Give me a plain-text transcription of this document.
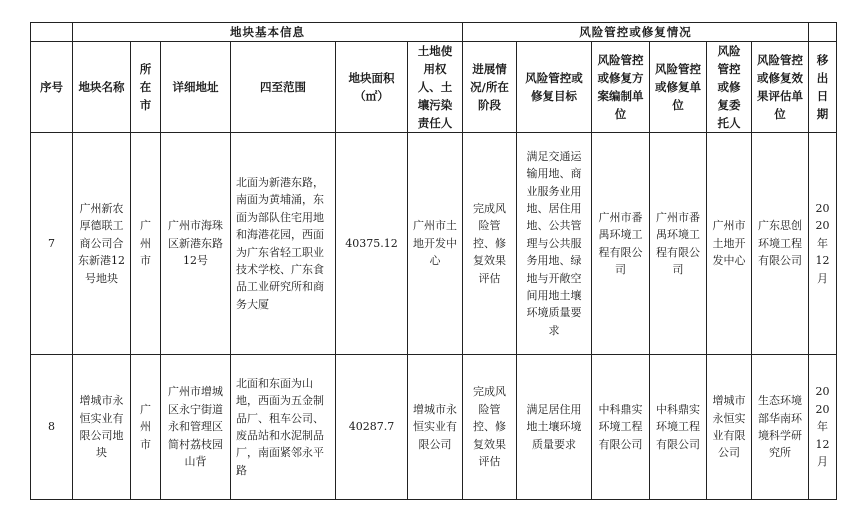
	地块基本信息						风险管控或修复情况						
序号	地块名称	所在市	详细地址	四至范围	地块面积（㎡）	土地使用权人、土壤污染责任人	进展情况/所在阶段	风险管控或修复目标	风险管控或修复方案编制单位	风险管控或修复单位	风险管控或修复委托人	风险管控或修复效果评估单位	移出日期
7	广州新农厚德联工商公司合东新港12号地块	广州市	广州市海珠区新港东路12号	北面为新港东路，南面为黄埔涌，东面为部队住宅用地和海港花园，西面为广东省轻工职业技术学校、广东食品工业研究所和商务大厦	40375.12	广州市土地开发中心	完成风险管控、修复效果评估	满足交通运输用地、商业服务业用地、居住用地、公共管理与公共服务用地、绿地与开敞空间用地土壤环境质量要求	广州市番禺环境工程有限公司	广州市番禺环境工程有限公司	广州市土地开发中心	广东思创环境工程有限公司	2020年12月
8	增城市永恒实业有限公司地块	广州市	广州市增城区永宁街道永和管理区简村荔枝园山背	北面和东面为山地，西面为五金制品厂、租车公司、废品站和水泥制品厂，南面紧邻永平路	40287.7	增城市永恒实业有限公司	完成风险管控、修复效果评估	满足居住用地土壤环境质量要求	中科鼎实环境工程有限公司	中科鼎实环境工程有限公司	增城市永恒实业有限公司	生态环境部华南环境科学研究所	2020年12月
